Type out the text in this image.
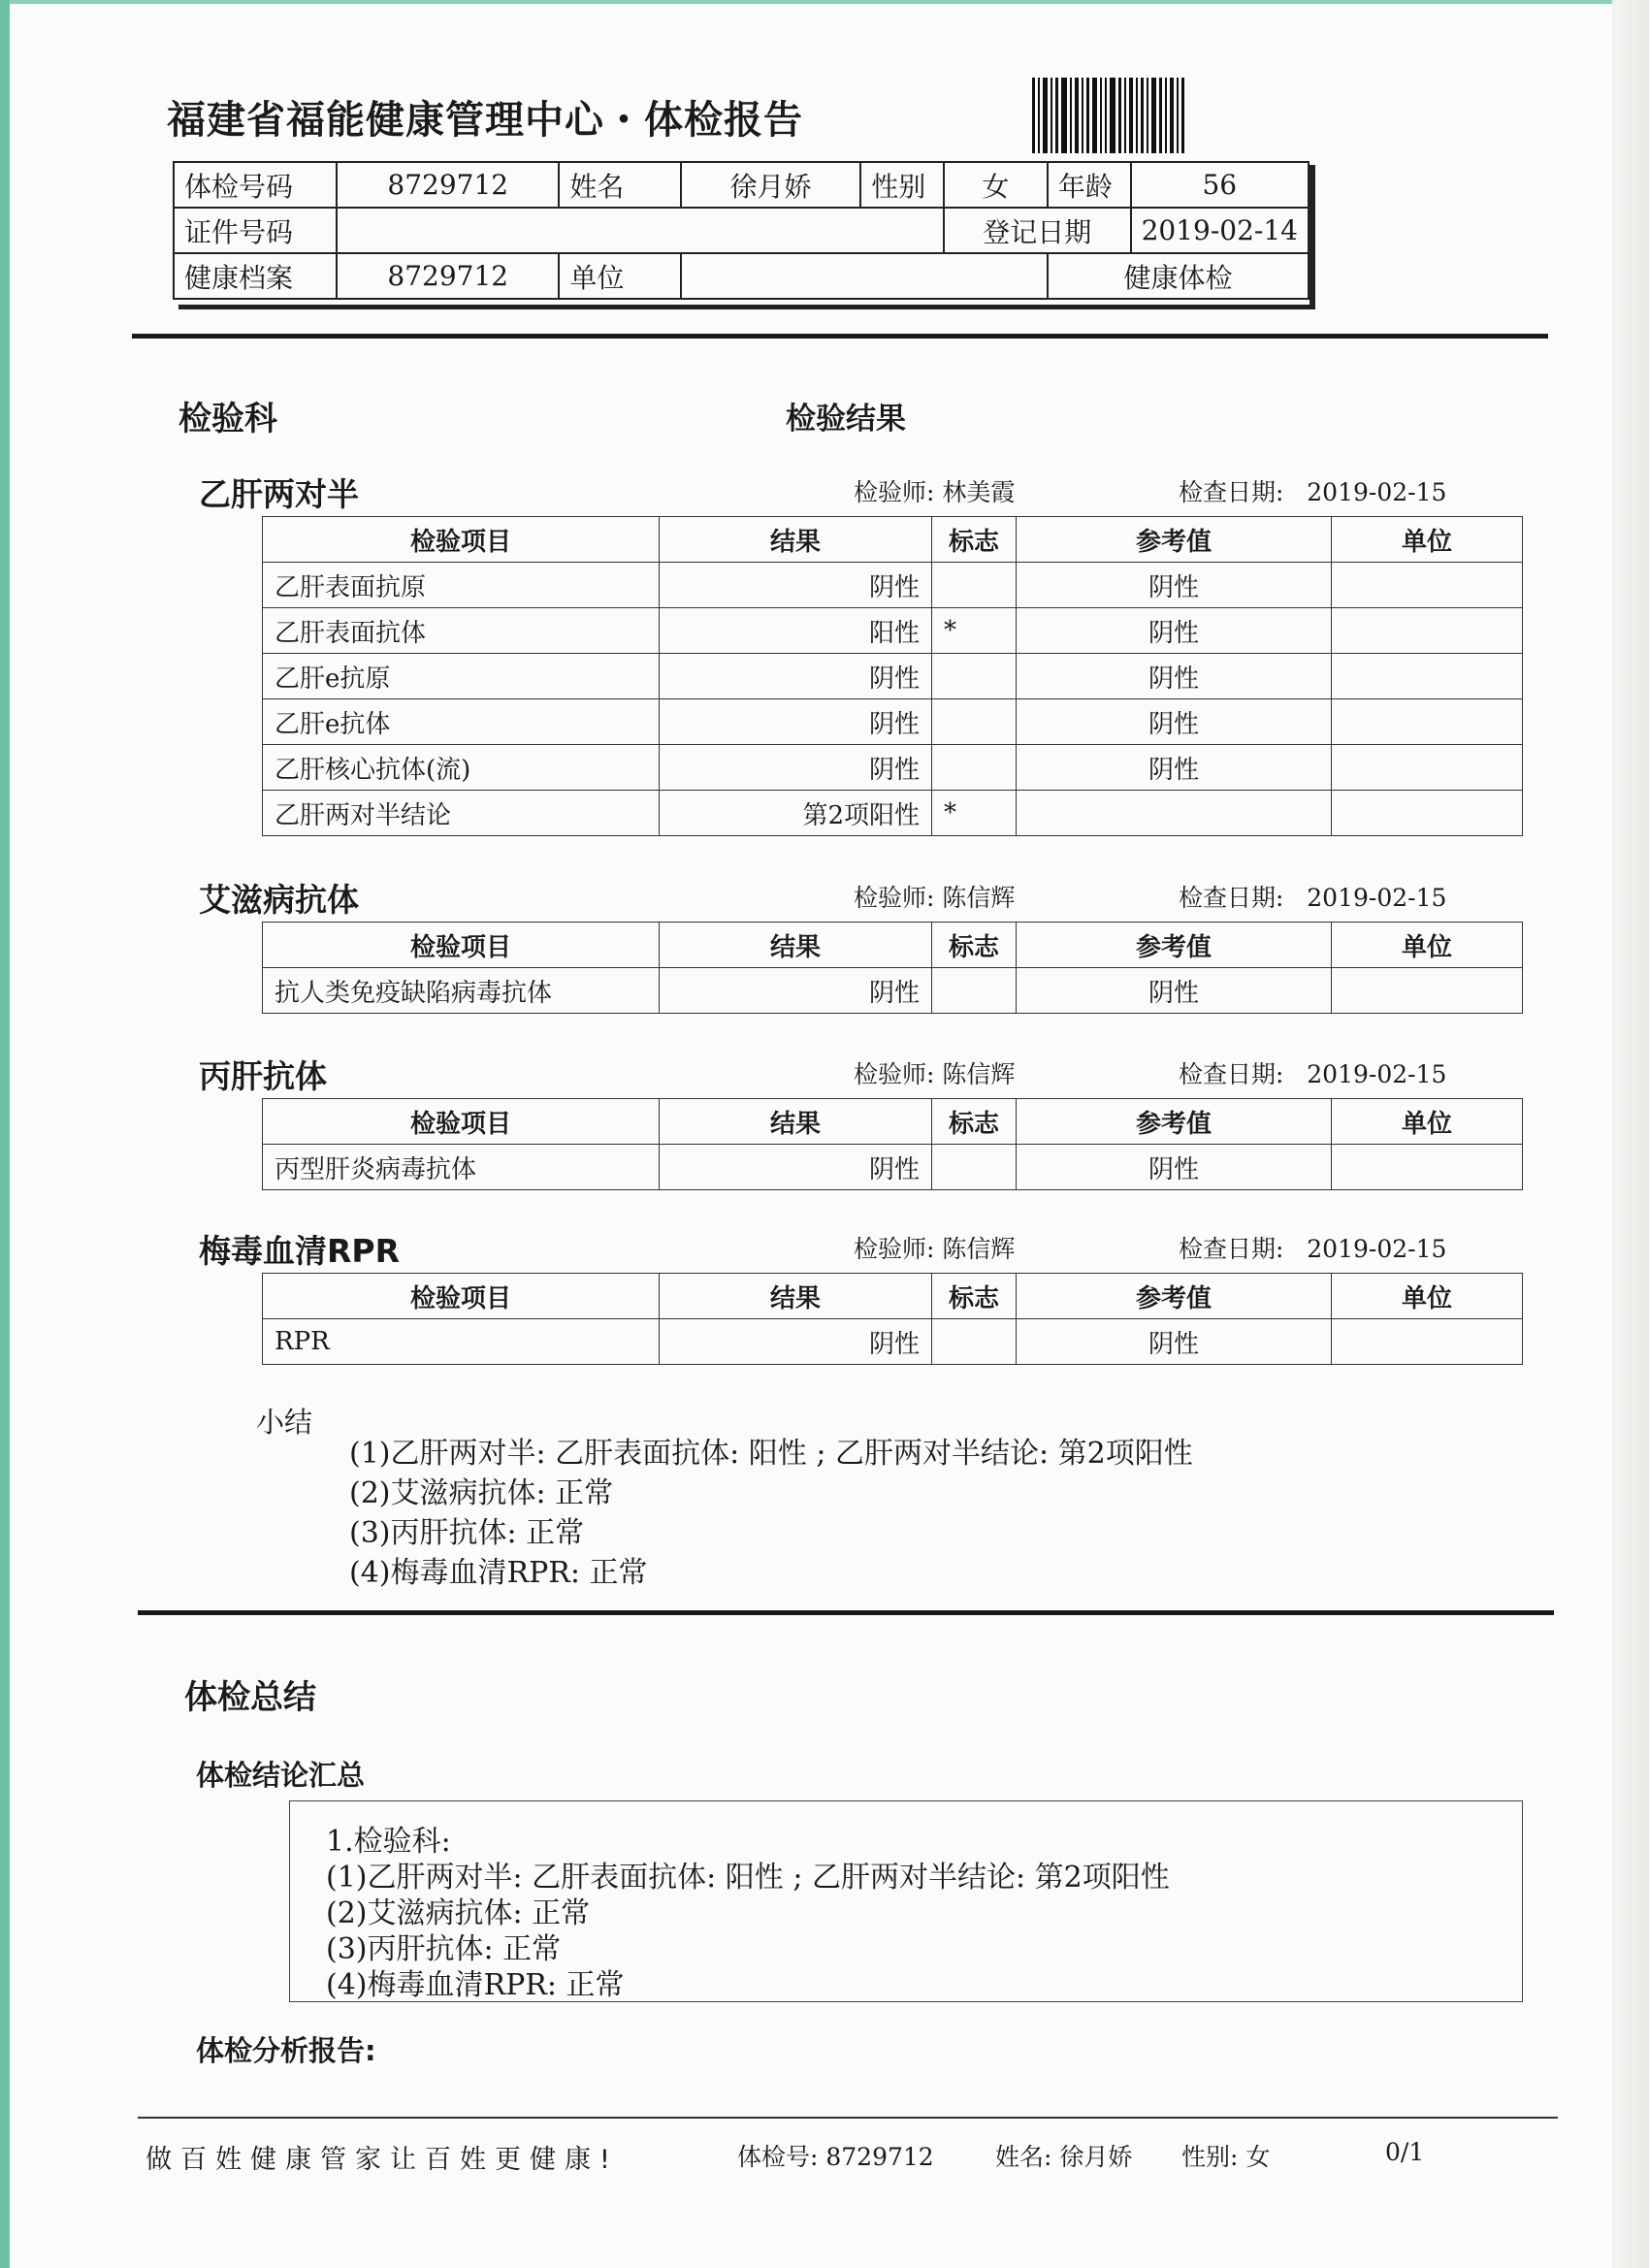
福建省福能健康管理中心・体检报告
体检号码	8729712	姓名	徐月娇	性别	女	年龄	56
证件号码					登记日期		2019-02-14
健康档案	8729712	单位				健康体检	
检验科	检验结果
乙肝两对半	检验师: 林美霞	检查日期: 2019-02-15
检验项目	结果	标志	参考值	单位
乙肝表面抗原	阴性		阴性	
乙肝表面抗体	阳性	*	阴性	
乙肝e抗原	阴性		阴性	
乙肝e抗体	阴性		阴性	
乙肝核心抗体(流)	阴性		阴性	
乙肝两对半结论	第2项阳性	*		
艾滋病抗体	检验师: 陈信辉	检查日期: 2019-02-15
检验项目	结果	标志	参考值	单位
抗人类免疫缺陷病毒抗体	阴性		阴性	
丙肝抗体	检验师: 陈信辉	检查日期: 2019-02-15
检验项目	结果	标志	参考值	单位
丙型肝炎病毒抗体	阴性		阴性	
梅毒血清RPR	检验师: 陈信辉	检查日期: 2019-02-15
检验项目	结果	标志	参考值	单位
RPR	阴性		阴性	
小结
(1)乙肝两对半: 乙肝表面抗体: 阳性 ; 乙肝两对半结论: 第2项阳性
(2)艾滋病抗体: 正常
(3)丙肝抗体: 正常
(4)梅毒血清RPR: 正常
体检总结
体检结论汇总
1.检验科:
(1)乙肝两对半: 乙肝表面抗体: 阳性 ; 乙肝两对半结论: 第2项阳性
(2)艾滋病抗体: 正常
(3)丙肝抗体: 正常
(4)梅毒血清RPR: 正常
体检分析报告:
做百姓健康管家让百姓更健康!	体检号: 8729712	姓名: 徐月娇 性别: 女	0/1
